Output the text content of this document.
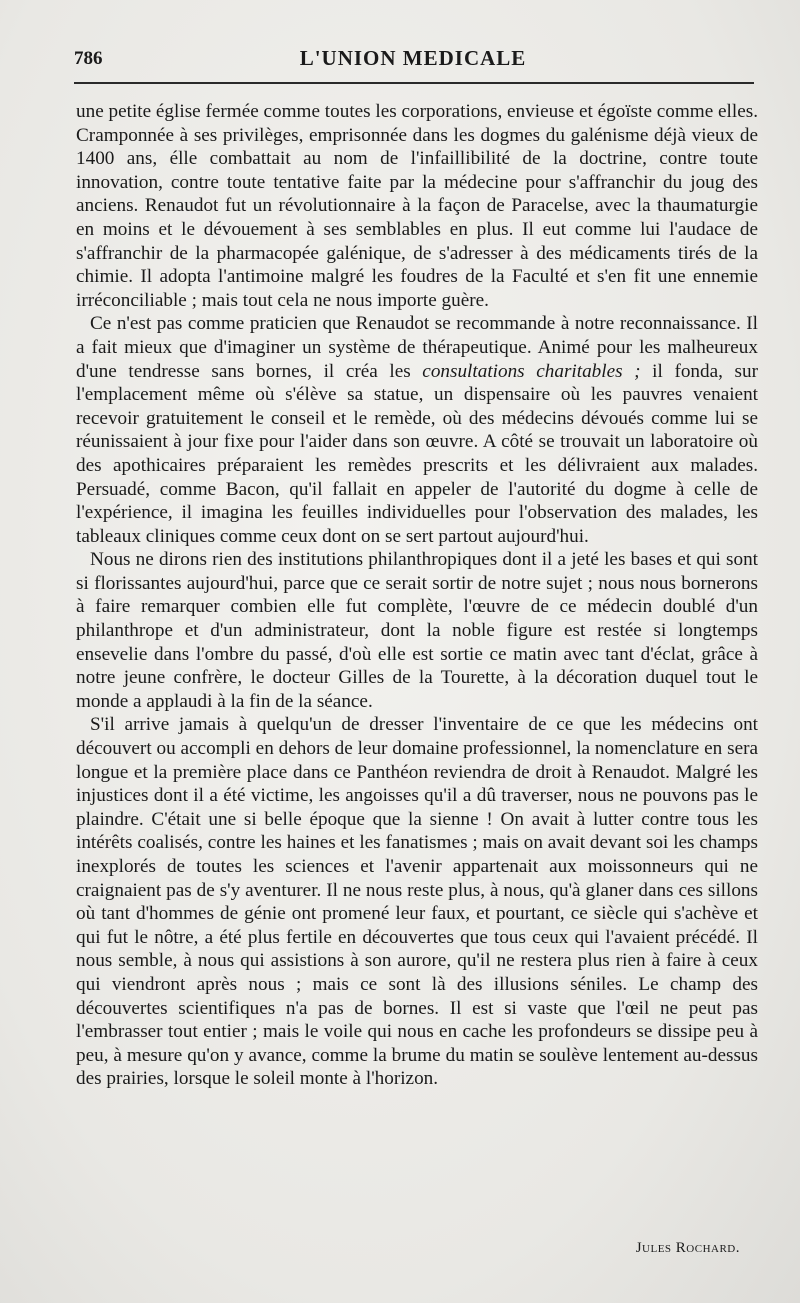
786	L'UNION MEDICALE

une petite église fermée comme toutes les corporations, envieuse et égoïste comme elles. Cramponnée à ses privilèges, emprisonnée dans les dogmes du galénisme déjà vieux de 1400 ans, élle combattait au nom de l'infaillibilité de la doctrine, contre toute innovation, contre toute tentative faite par la médecine pour s'affranchir du joug des anciens. Renaudot fut un révolutionnaire à la façon de Paracelse, avec la thaumaturgie en moins et le dévouement à ses semblables en plus. Il eut comme lui l'audace de s'affranchir de la pharmacopée galénique, de s'adresser à des médicaments tirés de la chimie. Il adopta l'antimoine malgré les foudres de la Faculté et s'en fit une ennemie irréconciliable ; mais tout cela ne nous importe guère.

Ce n'est pas comme praticien que Renaudot se recommande à notre reconnaissance. Il a fait mieux que d'imaginer un système de thérapeutique. Animé pour les malheureux d'une tendresse sans bornes, il créa les consultations charitables ; il fonda, sur l'emplacement même où s'élève sa statue, un dispensaire où les pauvres venaient recevoir gratuitement le conseil et le remède, où des médecins dévoués comme lui se réunissaient à jour fixe pour l'aider dans son œuvre. A côté se trouvait un laboratoire où des apothicaires préparaient les remèdes prescrits et les délivraient aux malades. Persuadé, comme Bacon, qu'il fallait en appeler de l'autorité du dogme à celle de l'expérience, il imagina les feuilles individuelles pour l'observation des malades, les tableaux cliniques comme ceux dont on se sert partout aujourd'hui.

Nous ne dirons rien des institutions philanthropiques dont il a jeté les bases et qui sont si florissantes aujourd'hui, parce que ce serait sortir de notre sujet ; nous nous bornerons à faire remarquer combien elle fut complète, l'œuvre de ce médecin doublé d'un philanthrope et d'un administrateur, dont la noble figure est restée si longtemps ensevelie dans l'ombre du passé, d'où elle est sortie ce matin avec tant d'éclat, grâce à notre jeune confrère, le docteur Gilles de la Tourette, à la décoration duquel tout le monde a applaudi à la fin de la séance.

S'il arrive jamais à quelqu'un de dresser l'inventaire de ce que les médecins ont découvert ou accompli en dehors de leur domaine professionnel, la nomenclature en sera longue et la première place dans ce Panthéon reviendra de droit à Renaudot. Malgré les injustices dont il a été victime, les angoisses qu'il a dû traverser, nous ne pouvons pas le plaindre. C'était une si belle époque que la sienne ! On avait à lutter contre tous les intérêts coalisés, contre les haines et les fanatismes ; mais on avait devant soi les champs inexplorés de toutes les sciences et l'avenir appartenait aux moissonneurs qui ne craignaient pas de s'y aventurer. Il ne nous reste plus, à nous, qu'à glaner dans ces sillons où tant d'hommes de génie ont promené leur faux, et pourtant, ce siècle qui s'achève et qui fut le nôtre, a été plus fertile en découvertes que tous ceux qui l'avaient précédé. Il nous semble, à nous qui assistions à son aurore, qu'il ne restera plus rien à faire à ceux qui viendront après nous ; mais ce sont là des illusions séniles. Le champ des découvertes scientifiques n'a pas de bornes. Il est si vaste que l'œil ne peut pas l'embrasser tout entier ; mais le voile qui nous en cache les profondeurs se dissipe peu à peu, à mesure qu'on y avance, comme la brume du matin se soulève lentement au-dessus des prairies, lorsque le soleil monte à l'horizon.

Jules Rochard.
